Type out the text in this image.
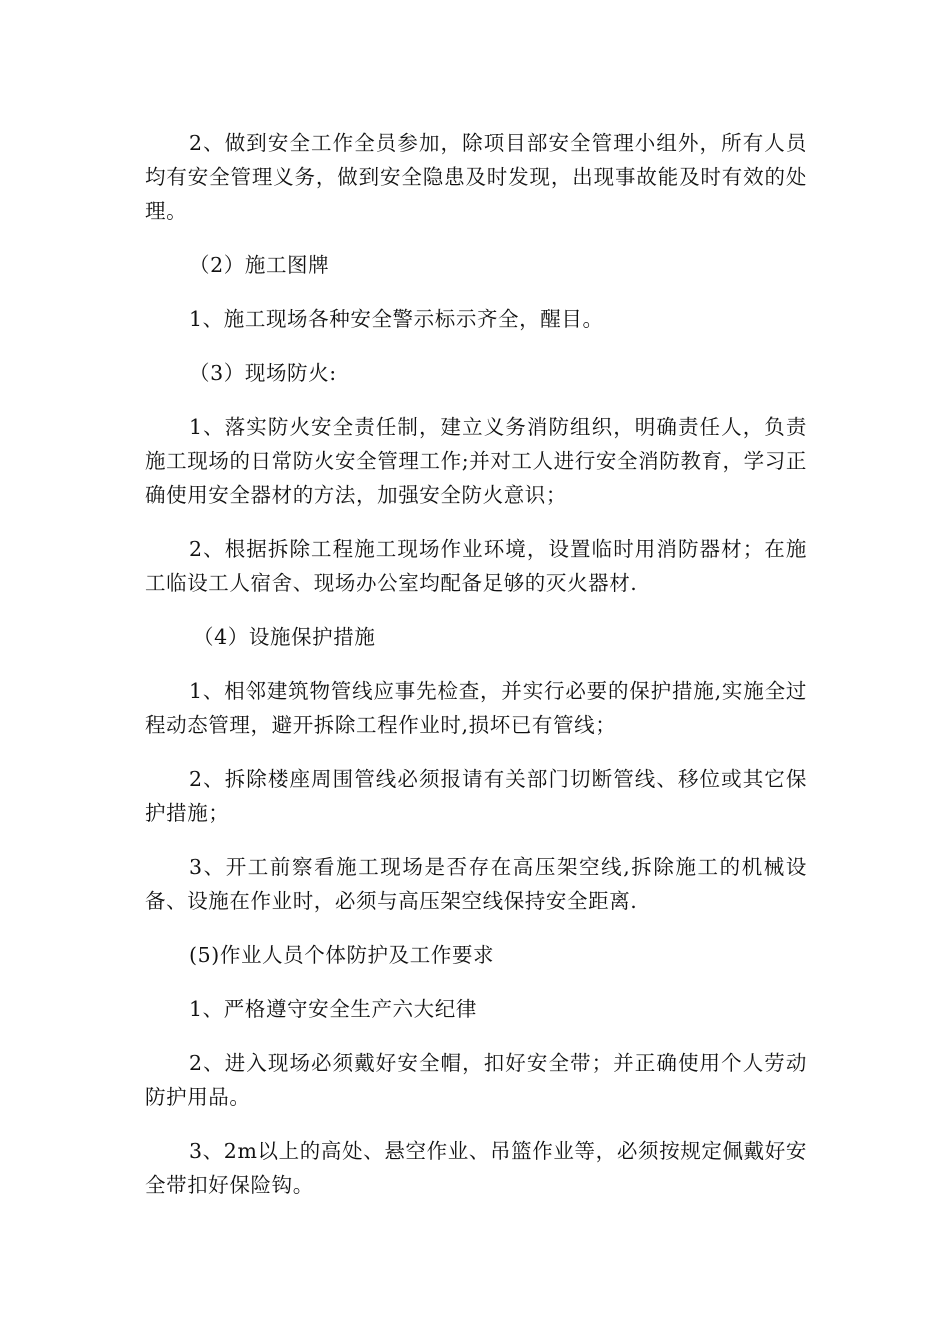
2、做到安全工作全员参加，除项目部安全管理小组外，所有人员均有安全管理义务，做到安全隐患及时发现，出现事故能及时有效的处理。

（2）施工图牌

1、施工现场各种安全警示标示齐全，醒目。

（3）现场防火:

1、落实防火安全责任制，建立义务消防组织，明确责任人，负责施工现场的日常防火安全管理工作;并对工人进行安全消防教育，学习正确使用安全器材的方法，加强安全防火意识；

2、根据拆除工程施工现场作业环境，设置临时用消防器材；在施工临设工人宿舍、现场办公室均配备足够的灭火器材.

（4）设施保护措施

1、相邻建筑物管线应事先检查，并实行必要的保护措施,实施全过程动态管理，避开拆除工程作业时,损坏已有管线；

2、拆除楼座周围管线必须报请有关部门切断管线、移位或其它保护措施；

3、开工前察看施工现场是否存在高压架空线,拆除施工的机械设备、设施在作业时，必须与高压架空线保持安全距离.

(5)作业人员个体防护及工作要求

1、严格遵守安全生产六大纪律

2、进入现场必须戴好安全帽，扣好安全带；并正确使用个人劳动防护用品。

3、2m以上的高处、悬空作业、吊篮作业等，必须按规定佩戴好安全带扣好保险钩。
